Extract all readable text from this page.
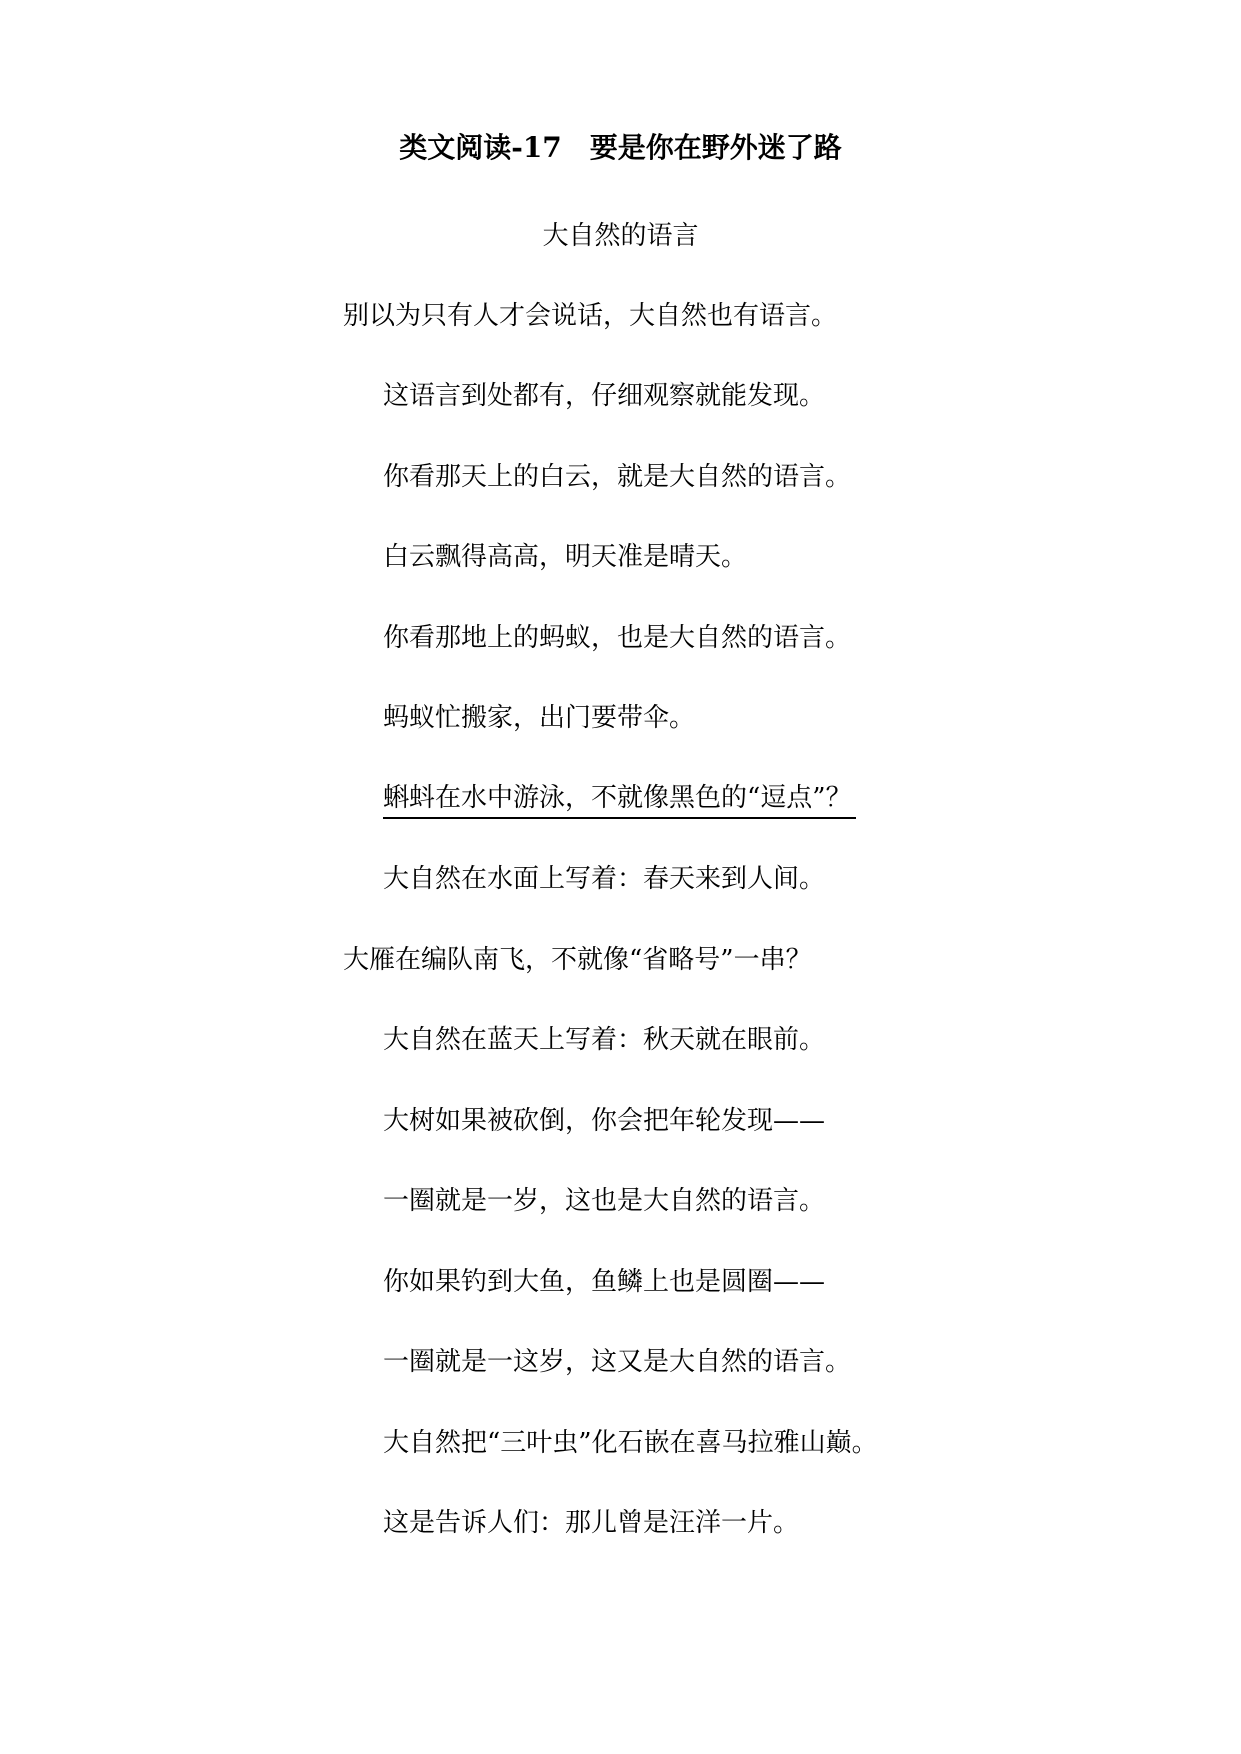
类文阅读-17　要是你在野外迷了路
大自然的语言
别以为只有人才会说话，大自然也有语言。
这语言到处都有，仔细观察就能发现。
你看那天上的白云，就是大自然的语言。
白云飘得高高，明天准是晴天。
你看那地上的蚂蚁，也是大自然的语言。
蚂蚁忙搬家，出门要带伞。
蝌蚪在水中游泳，不就像黑色的“逗点”？
大自然在水面上写着：春天来到人间。
大雁在编队南飞，不就像“省略号”一串？
大自然在蓝天上写着：秋天就在眼前。
大树如果被砍倒，你会把年轮发现——
一圈就是一岁，这也是大自然的语言。
你如果钓到大鱼，鱼鳞上也是圆圈——
一圈就是一这岁，这又是大自然的语言。
大自然把“三叶虫”化石嵌在喜马拉雅山巅。
这是告诉人们：那儿曾是汪洋一片。
